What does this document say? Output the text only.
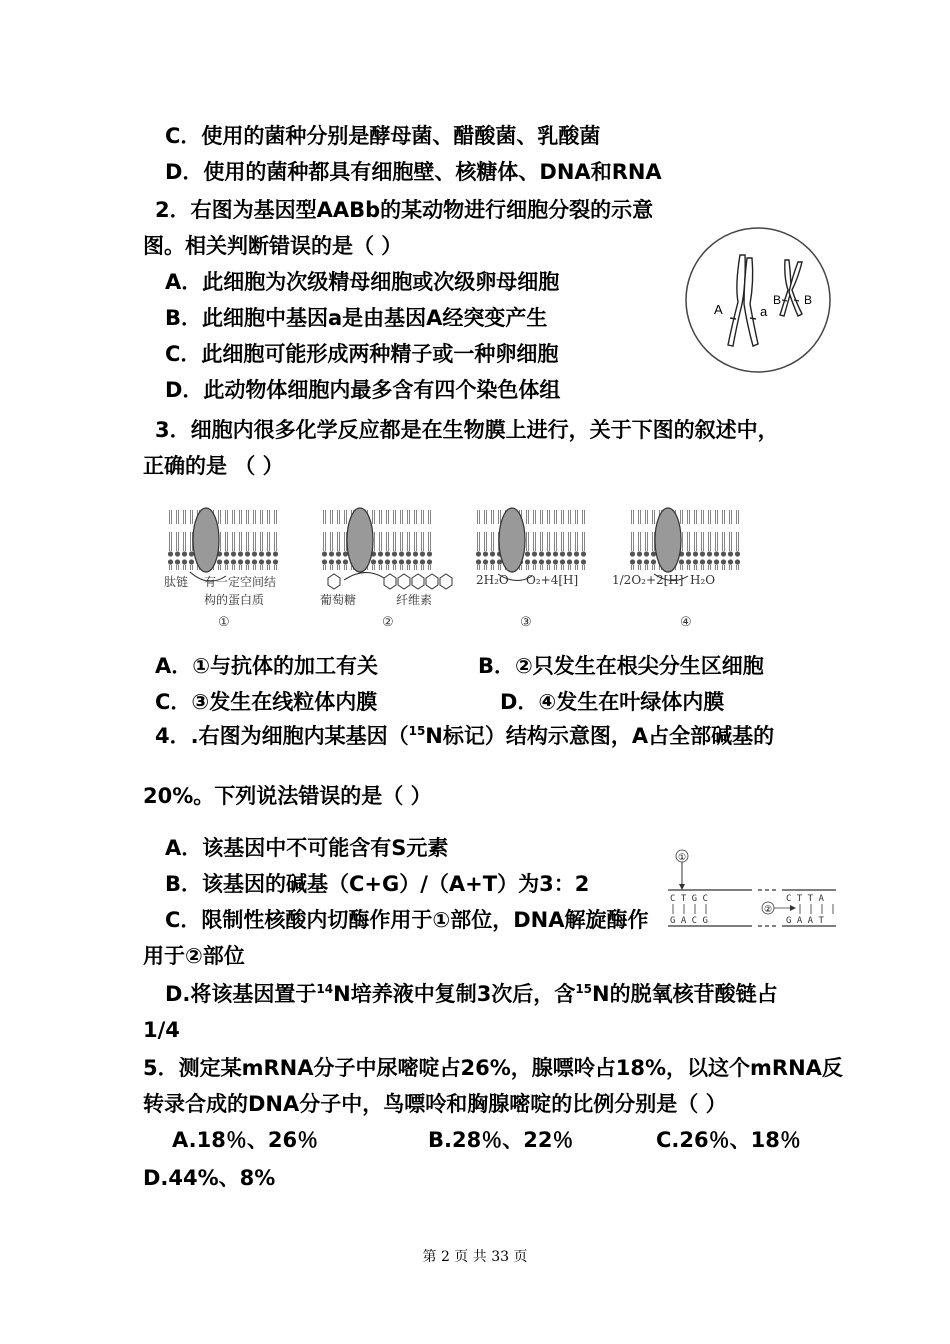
C．使用的菌种分别是酵母菌、醋酸菌、乳酸菌
D．使用的菌种都具有细胞壁、核糖体、DNA和RNA
2．右图为基因型AABb的某动物进行细胞分裂的示意
图。相关判断错误的是（ ）
A．此细胞为次级精母细胞或次级卵母细胞
B．此细胞中基因a是由基因A经突变产生
C．此细胞可能形成两种精子或一种卵细胞
D．此动物体细胞内最多含有四个染色体组
A	a
B B
3．细胞内很多化学反应都是在生物膜上进行，关于下图的叙述中，
正确的是 （ ）
肽链 有一定空间结
构的蛋白质
①
葡萄糖	纤维素
②
2H₂O O₂+4[H]
③
1/2O₂+2[H] H₂O
④
A．①与抗体的加工有关	B．②只发生在根尖分生区细胞
C．③发生在线粒体内膜	D．④发生在叶绿体内膜
4．.右图为细胞内某基因（$^{15}$N标记）结构示意图，A占全部碱基的
20%。下列说法错误的是（ ）
A．该基因中不可能含有S元素
B．该基因的碱基（C+G）/（A+T）为3：2
C．限制性核酸内切酶作用于①部位，DNA解旋酶作
用于②部位
D.将该基因置于$^{14}$N培养液中复制3次后，含$^{15}$N的脱氧核苷酸链占
1/4
①
C T G C
G A C G
C T T A
G A A T
②
5．测定某mRNA分子中尿嘧啶占26%，腺嘌呤占18%，以这个mRNA反
转录合成的DNA分子中，鸟嘌呤和胸腺嘧啶的比例分别是（ ）
A.18％、26％	B.28％、22％	C.26％、18％
D.44%、8%
第 2 页 共 33 页
